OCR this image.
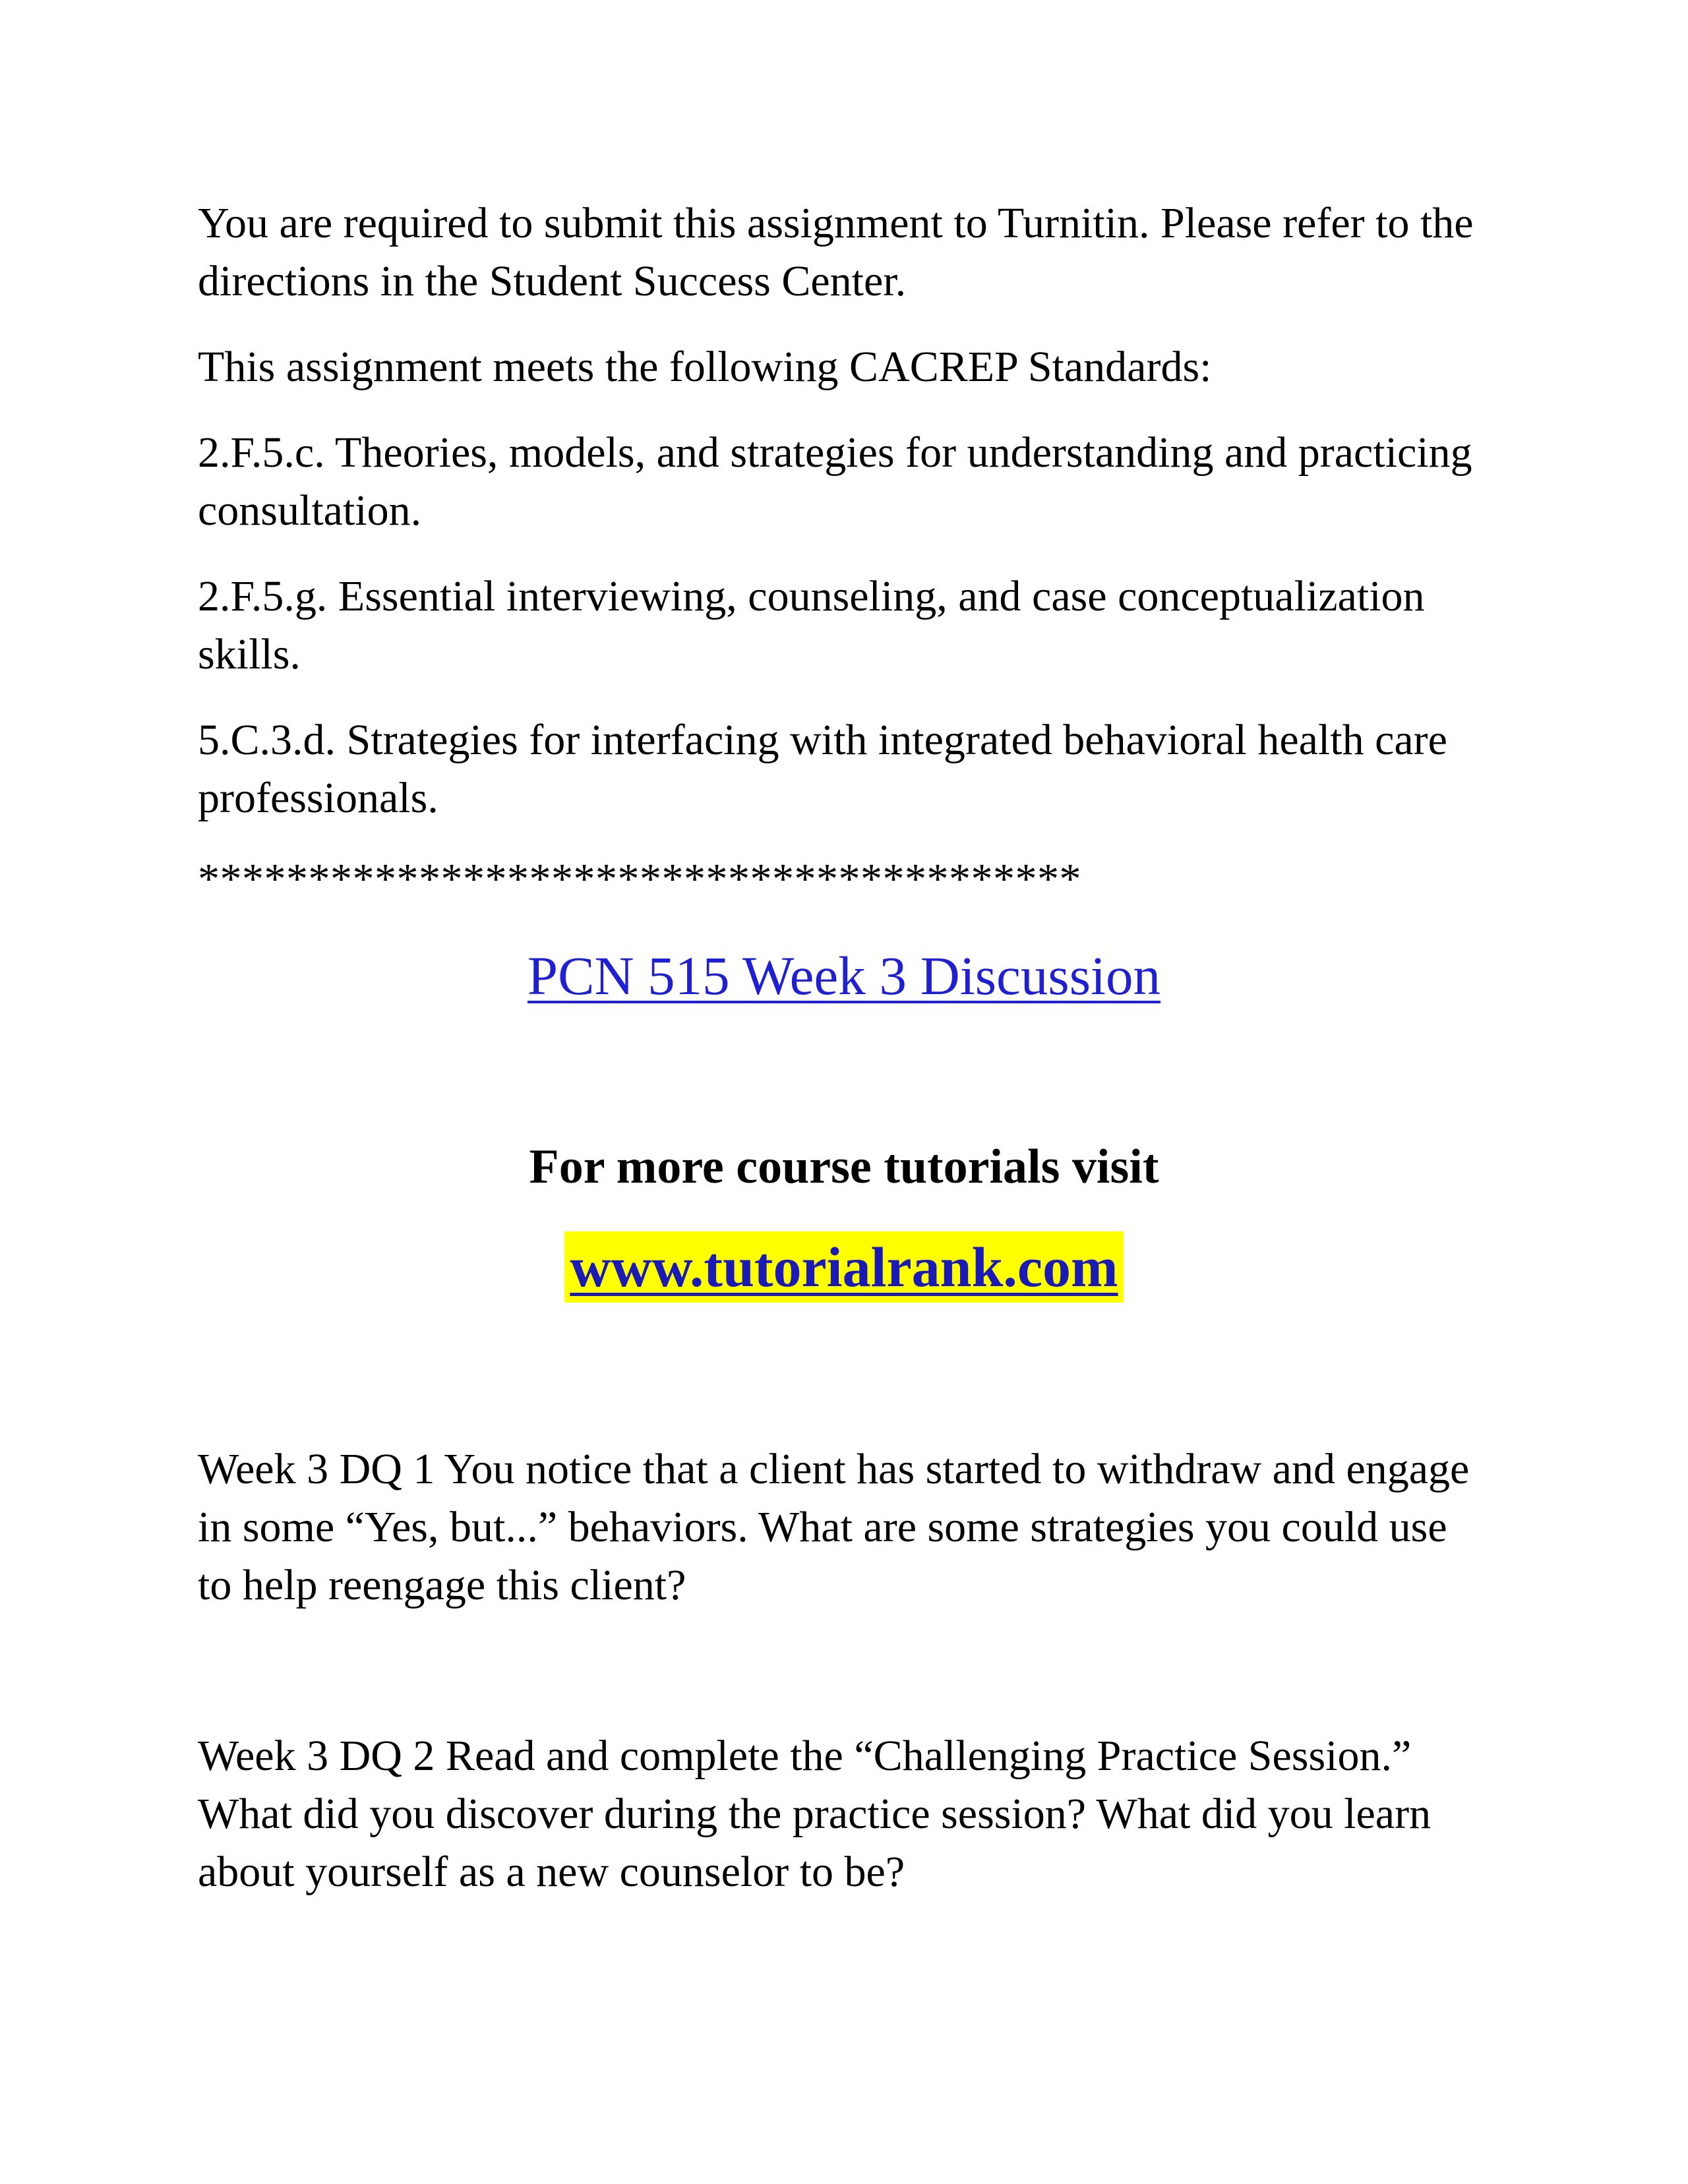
You are required to submit this assignment to Turnitin. Please refer to the directions in the Student Success Center.

This assignment meets the following CACREP Standards:

2.F.5.c. Theories, models, and strategies for understanding and practicing consultation.

2.F.5.g. Essential interviewing, counseling, and case conceptualization skills.

5.C.3.d. Strategies for interfacing with integrated behavioral health care professionals.

****************************************

PCN 515 Week 3 Discussion

For more course tutorials visit

www.tutorialrank.com

Week 3 DQ 1 You notice that a client has started to withdraw and engage in some “Yes, but...” behaviors. What are some strategies you could use to help reengage this client?

Week 3 DQ 2 Read and complete the “Challenging Practice Session.” What did you discover during the practice session? What did you learn about yourself as a new counselor to be?
